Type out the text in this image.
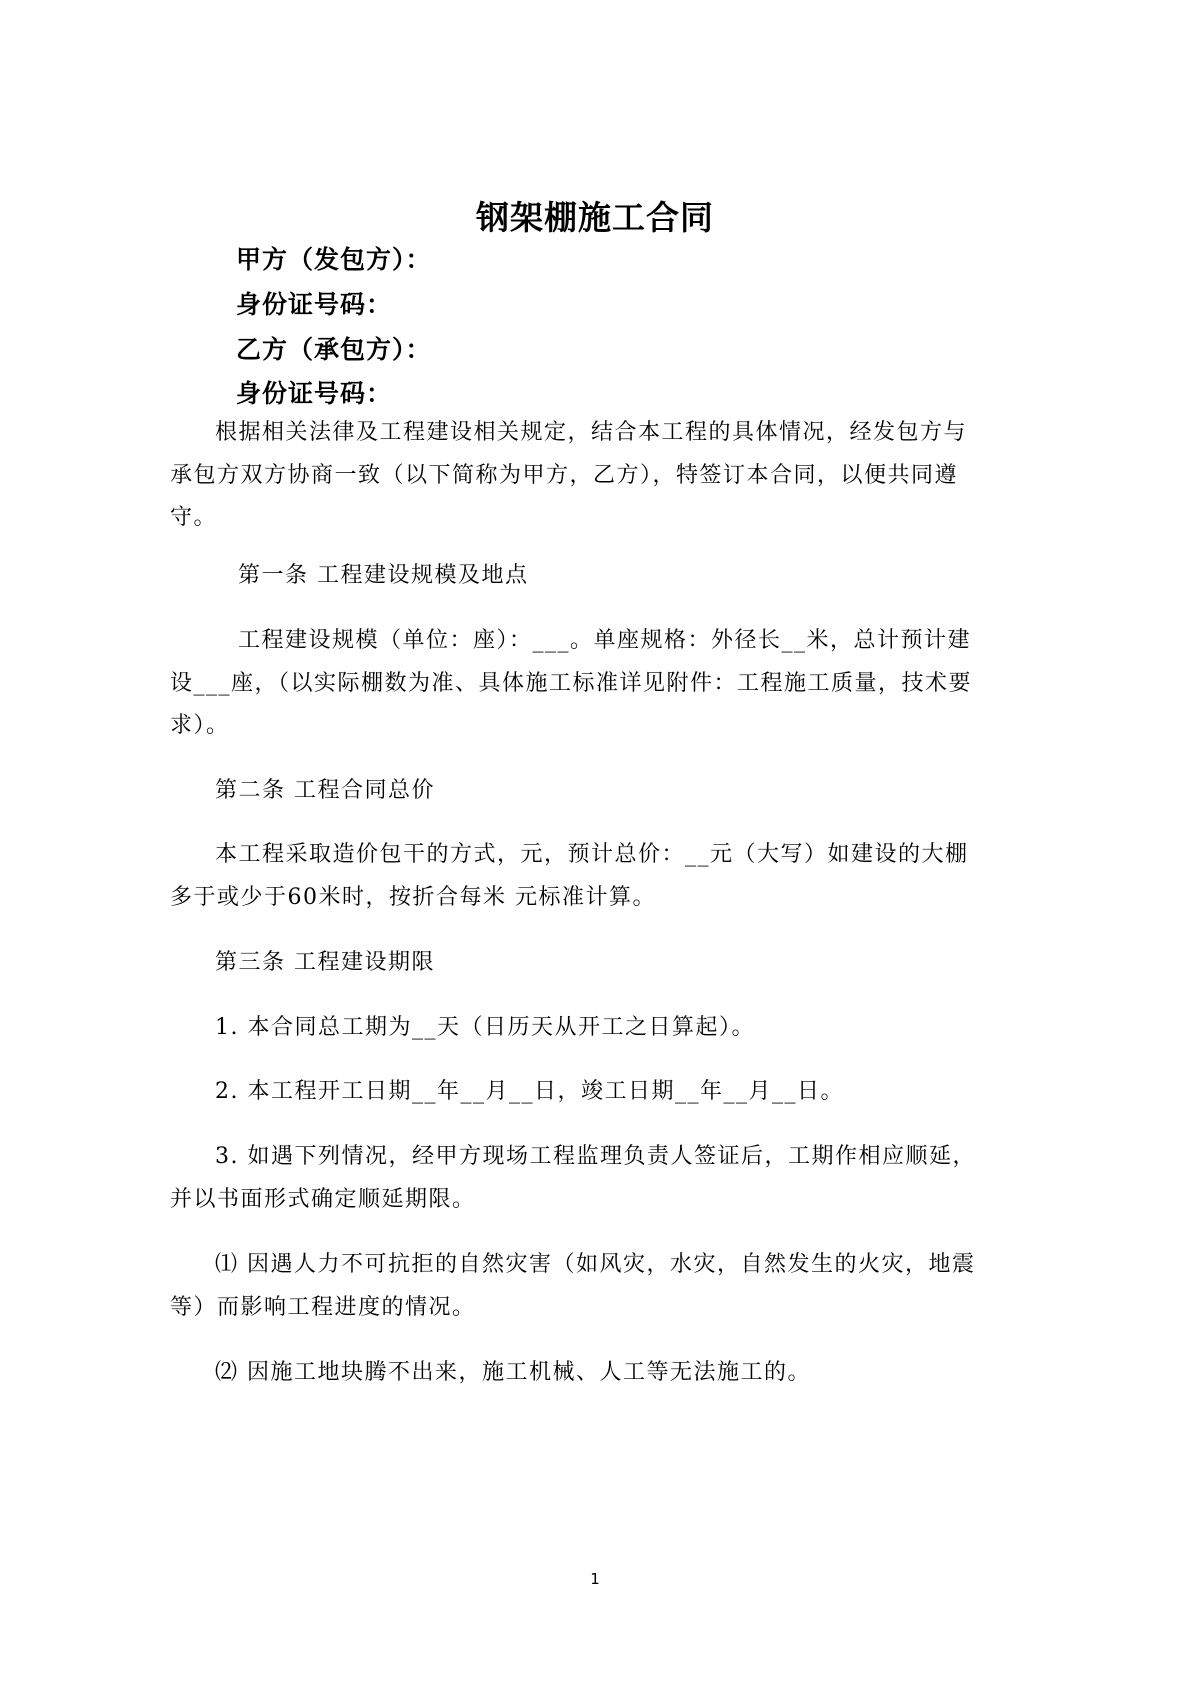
钢架棚施工合同
甲方（发包方）：
身份证号码：
乙方（承包方）：
身份证号码：
根据相关法律及工程建设相关规定，结合本工程的具体情况，经发包方与
承包方双方协商一致（以下简称为甲方，乙方），特签订本合同，以便共同遵
守。
第一条 工程建设规模及地点
工程建设规模（单位：座）：___。单座规格：外径长__米，总计预计建
设___座，（以实际棚数为准、具体施工标准详见附件：工程施工质量，技术要
求）。
第二条 工程合同总价
本工程采取造价包干的方式，元，预计总价：__元（大写）如建设的大棚
多于或少于60米时，按折合每米 元标准计算。
第三条 工程建设期限
1. 本合同总工期为__天（日历天从开工之日算起）。
2. 本工程开工日期__年__月__日，竣工日期__年__月__日。
3. 如遇下列情况，经甲方现场工程监理负责人签证后，工期作相应顺延，
并以书面形式确定顺延期限。
⑴ 因遇人力不可抗拒的自然灾害（如风灾，水灾，自然发生的火灾，地震
等）而影响工程进度的情况。
⑵ 因施工地块腾不出来，施工机械、人工等无法施工的。
1
